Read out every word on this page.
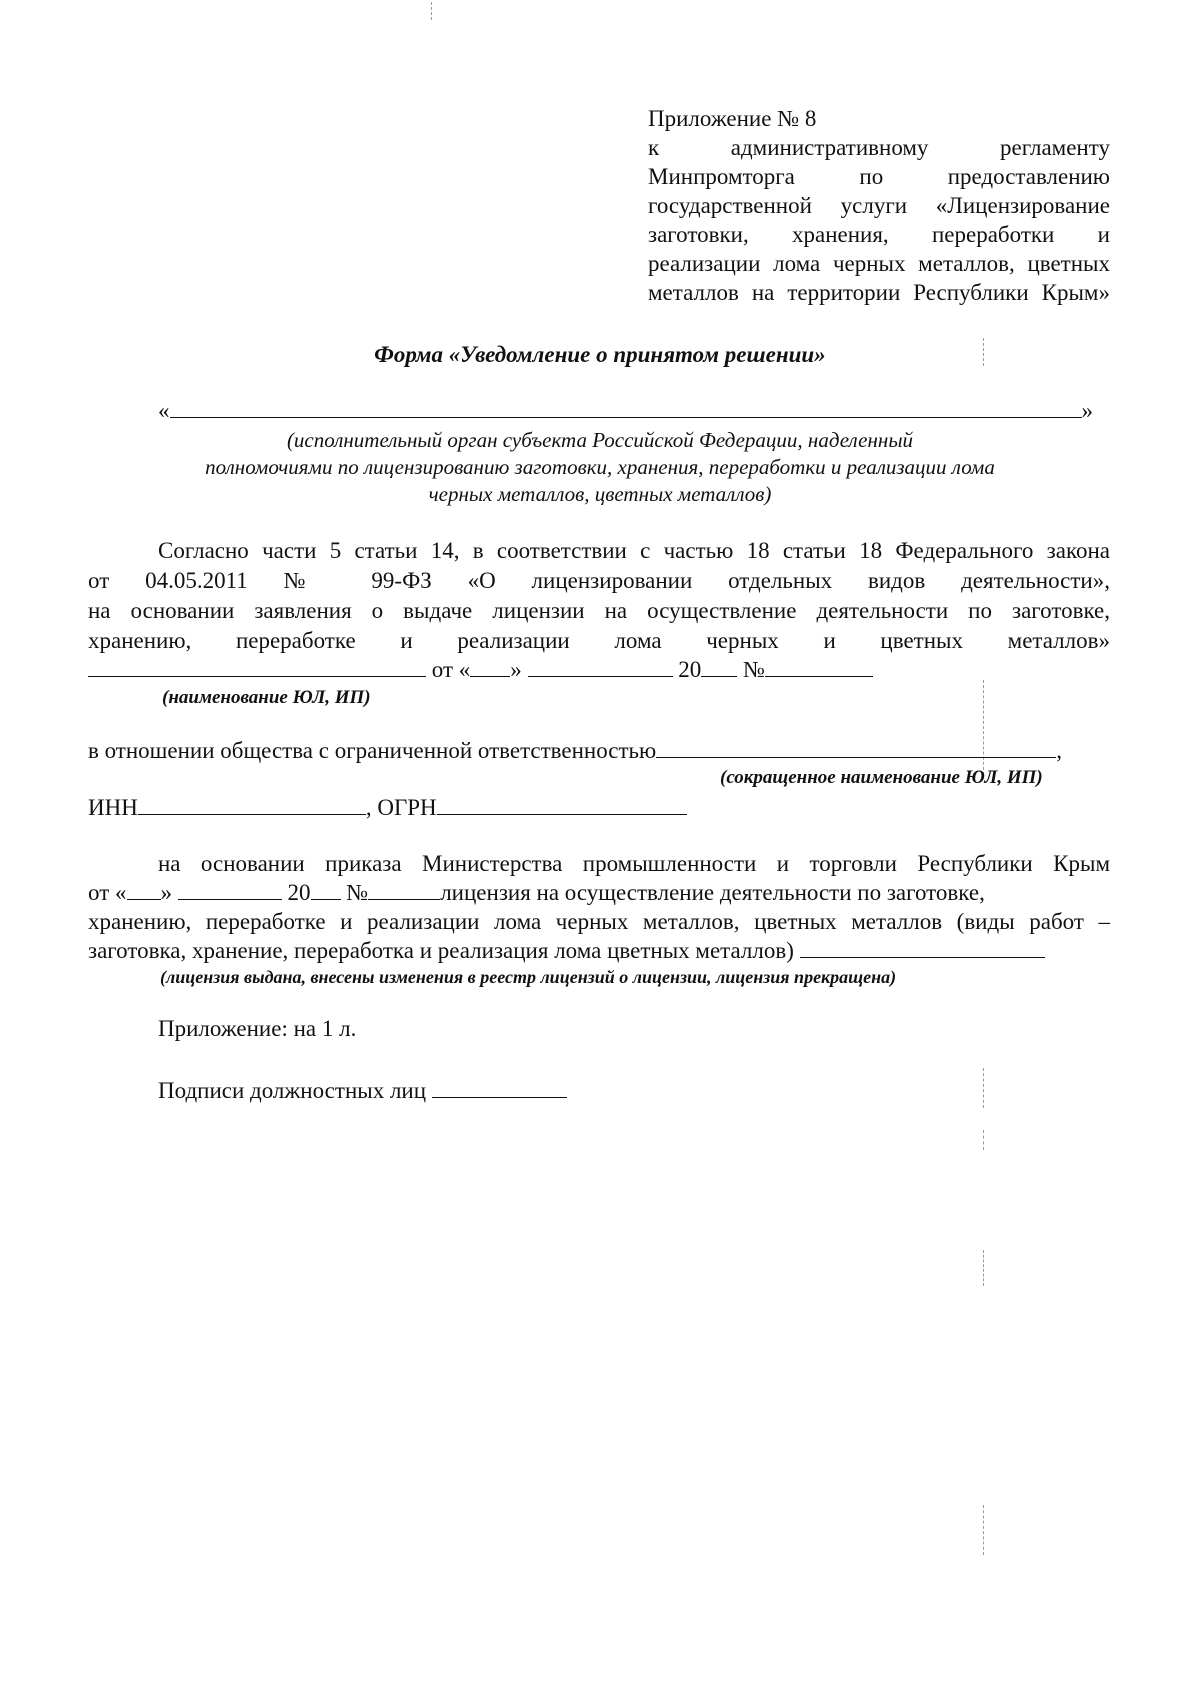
Приложение № 8
к административному регламенту
Минпромторга по предоставлению
государственной услуги «Лицензирование
заготовки, хранения, переработки и
реализации лома черных металлов, цветных
металлов на территории Республики Крым»
Форма «Уведомление о принятом решении»
«	»
(исполнительный орган субъекта Российской Федерации, наделенный
полномочиями по лицензированию заготовки, хранения, переработки и реализации лома
черных металлов, цветных металлов)
Согласно части 5 статьи 14, в соответствии с частью 18 статьи 18 Федерального закона
от 04.05.2011 № 99-ФЗ «О лицензировании отдельных видов деятельности»,
на основании заявления о выдаче лицензии на осуществление деятельности по заготовке,
хранению, переработке и реализации лома черных и цветных металлов»
от « »	20 №
(наименование ЮЛ, ИП)
в отношении общества с ограниченной ответственностью	,
(сокращенное наименование ЮЛ, ИП)
ИНН	, ОГРН
на основании приказа Министерства промышленности и торговли Республики Крым
от « »	20 №	лицензия на осуществление деятельности по заготовке,
хранению, переработке и реализации лома черных металлов, цветных металлов (виды работ –
заготовка, хранение, переработка и реализация лома цветных металлов)
(лицензия выдана, внесены изменения в реестр лицензий о лицензии, лицензия прекращена)
Приложение: на 1 л.
Подписи должностных лиц
